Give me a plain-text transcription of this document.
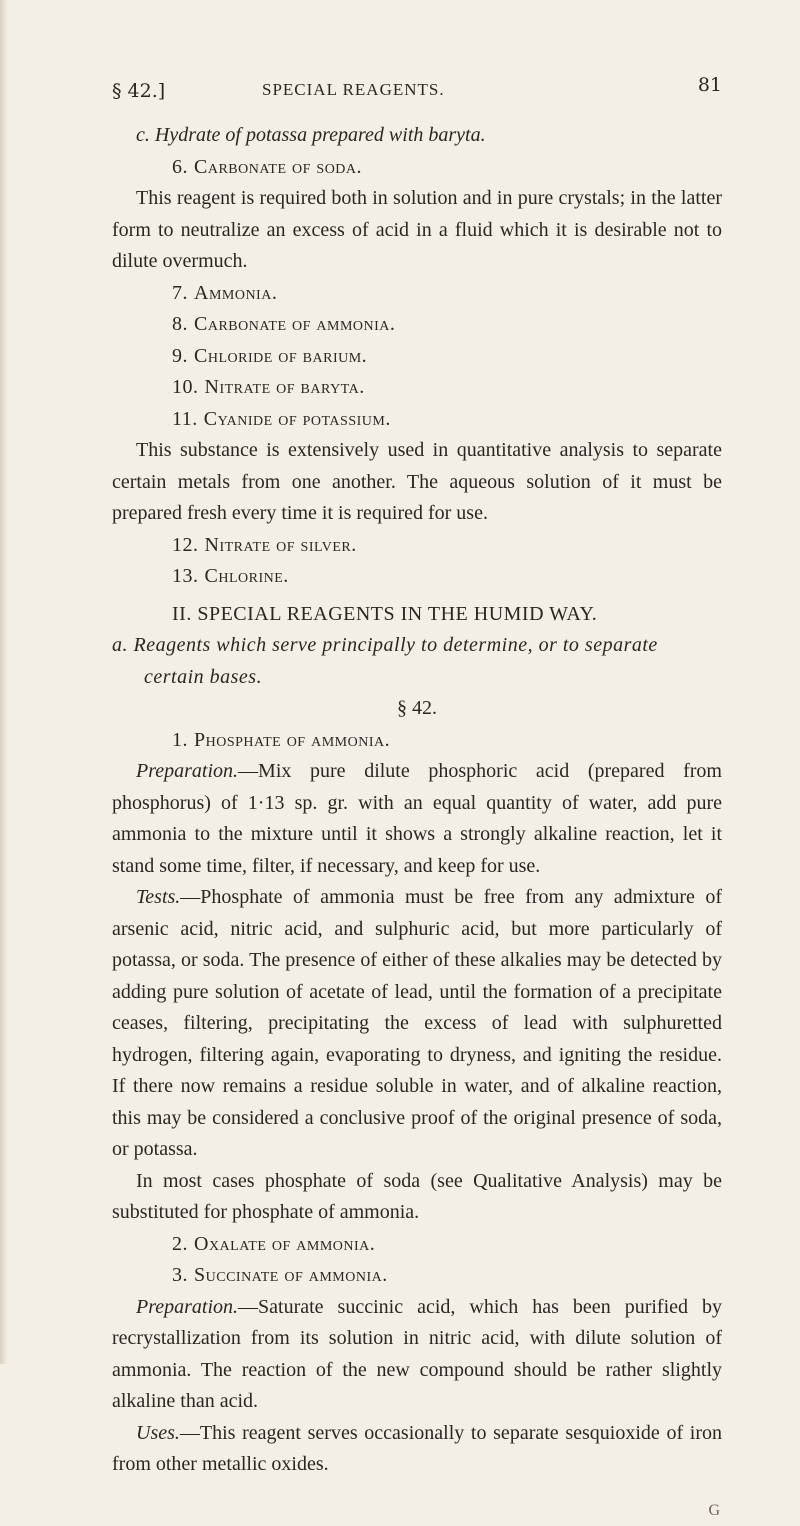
§ 42.]	SPECIAL REAGENTS.	81

c. Hydrate of potassa prepared with baryta.

6. Carbonate of soda.

This reagent is required both in solution and in pure crystals; in the latter form to neutralize an excess of acid in a fluid which it is desirable not to dilute overmuch.

7. Ammonia.

8. Carbonate of ammonia.

9. Chloride of barium.

10. Nitrate of baryta.

11. Cyanide of potassium.

This substance is extensively used in quantitative analysis to separate certain metals from one another. The aqueous solution of it must be prepared fresh every time it is required for use.

12. Nitrate of silver.

13. Chlorine.

II. SPECIAL REAGENTS IN THE HUMID WAY.

a. Reagents which serve principally to determine, or to separate certain bases.

§ 42.

1. Phosphate of ammonia.

Preparation.—Mix pure dilute phosphoric acid (prepared from phosphorus) of 1·13 sp. gr. with an equal quantity of water, add pure ammonia to the mixture until it shows a strongly alkaline reaction, let it stand some time, filter, if necessary, and keep for use.

Tests.—Phosphate of ammonia must be free from any admixture of arsenic acid, nitric acid, and sulphuric acid, but more particularly of potassa, or soda. The presence of either of these alkalies may be detected by adding pure solution of acetate of lead, until the formation of a precipitate ceases, filtering, precipitating the excess of lead with sulphuretted hydrogen, filtering again, evaporating to dryness, and igniting the residue. If there now remains a residue soluble in water, and of alkaline reaction, this may be considered a conclusive proof of the original presence of soda, or potassa.

In most cases phosphate of soda (see Qualitative Analysis) may be substituted for phosphate of ammonia.

2. Oxalate of ammonia.

3. Succinate of ammonia.

Preparation.—Saturate succinic acid, which has been purified by recrystallization from its solution in nitric acid, with dilute solution of ammonia. The reaction of the new compound should be rather slightly alkaline than acid.

Uses.—This reagent serves occasionally to separate sesquioxide of iron from other metallic oxides.

G
